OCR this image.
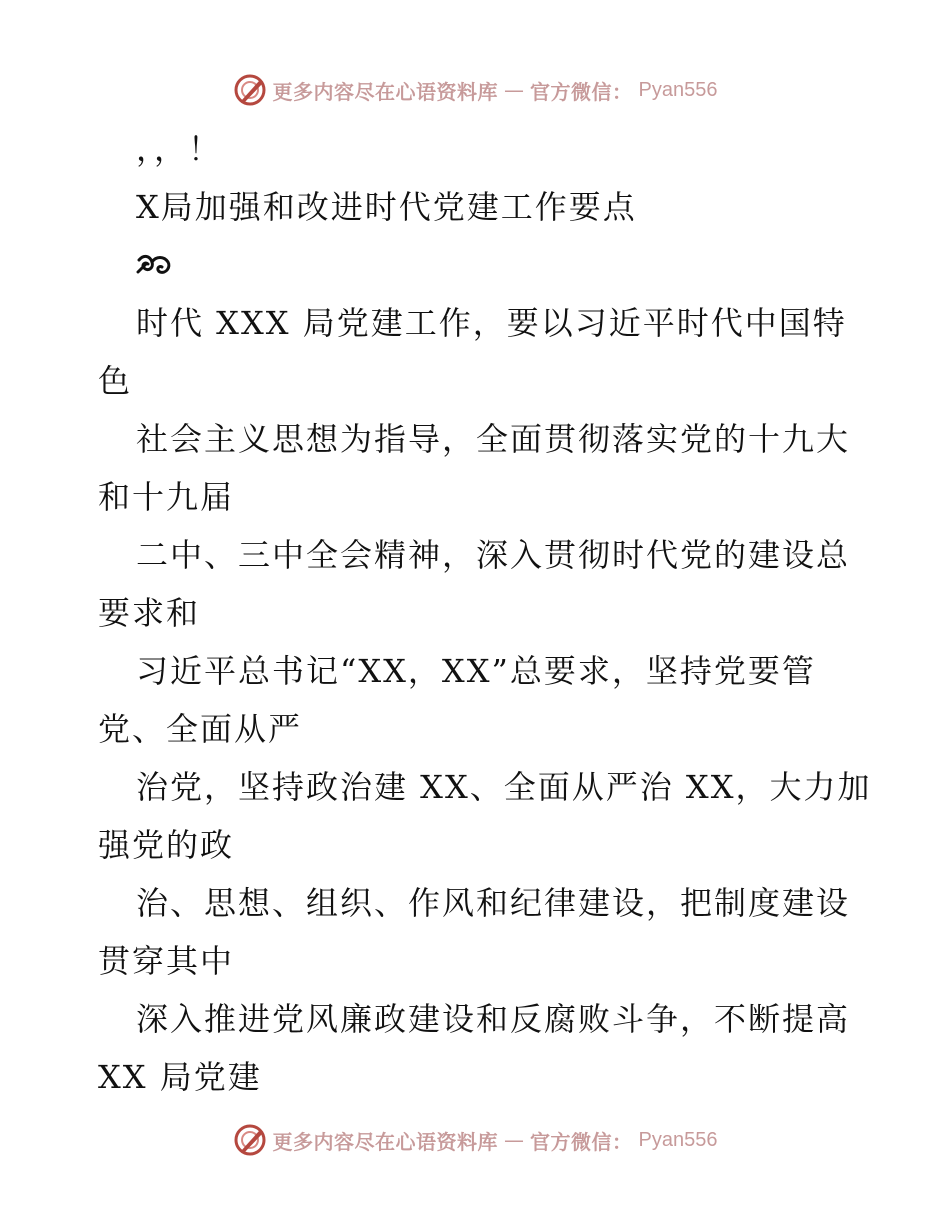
更多内容尽在心语资料库 — 官方微信： Pyan556
，，！
X局加强和改进时代党建工作要点
时代 XXX 局党建工作，要以习近平时代中国特
色
社会主义思想为指导，全面贯彻落实党的十九大
和十九届
二中、三中全会精神，深入贯彻时代党的建设总
要求和
习近平总书记“XX，XX”总要求，坚持党要管
党、全面从严
治党，坚持政治建 XX、全面从严治 XX，大力加
强党的政
治、思想、组织、作风和纪律建设，把制度建设
贯穿其中
深入推进党风廉政建设和反腐败斗争，不断提高
XX 局党建
更多内容尽在心语资料库 — 官方微信： Pyan556
